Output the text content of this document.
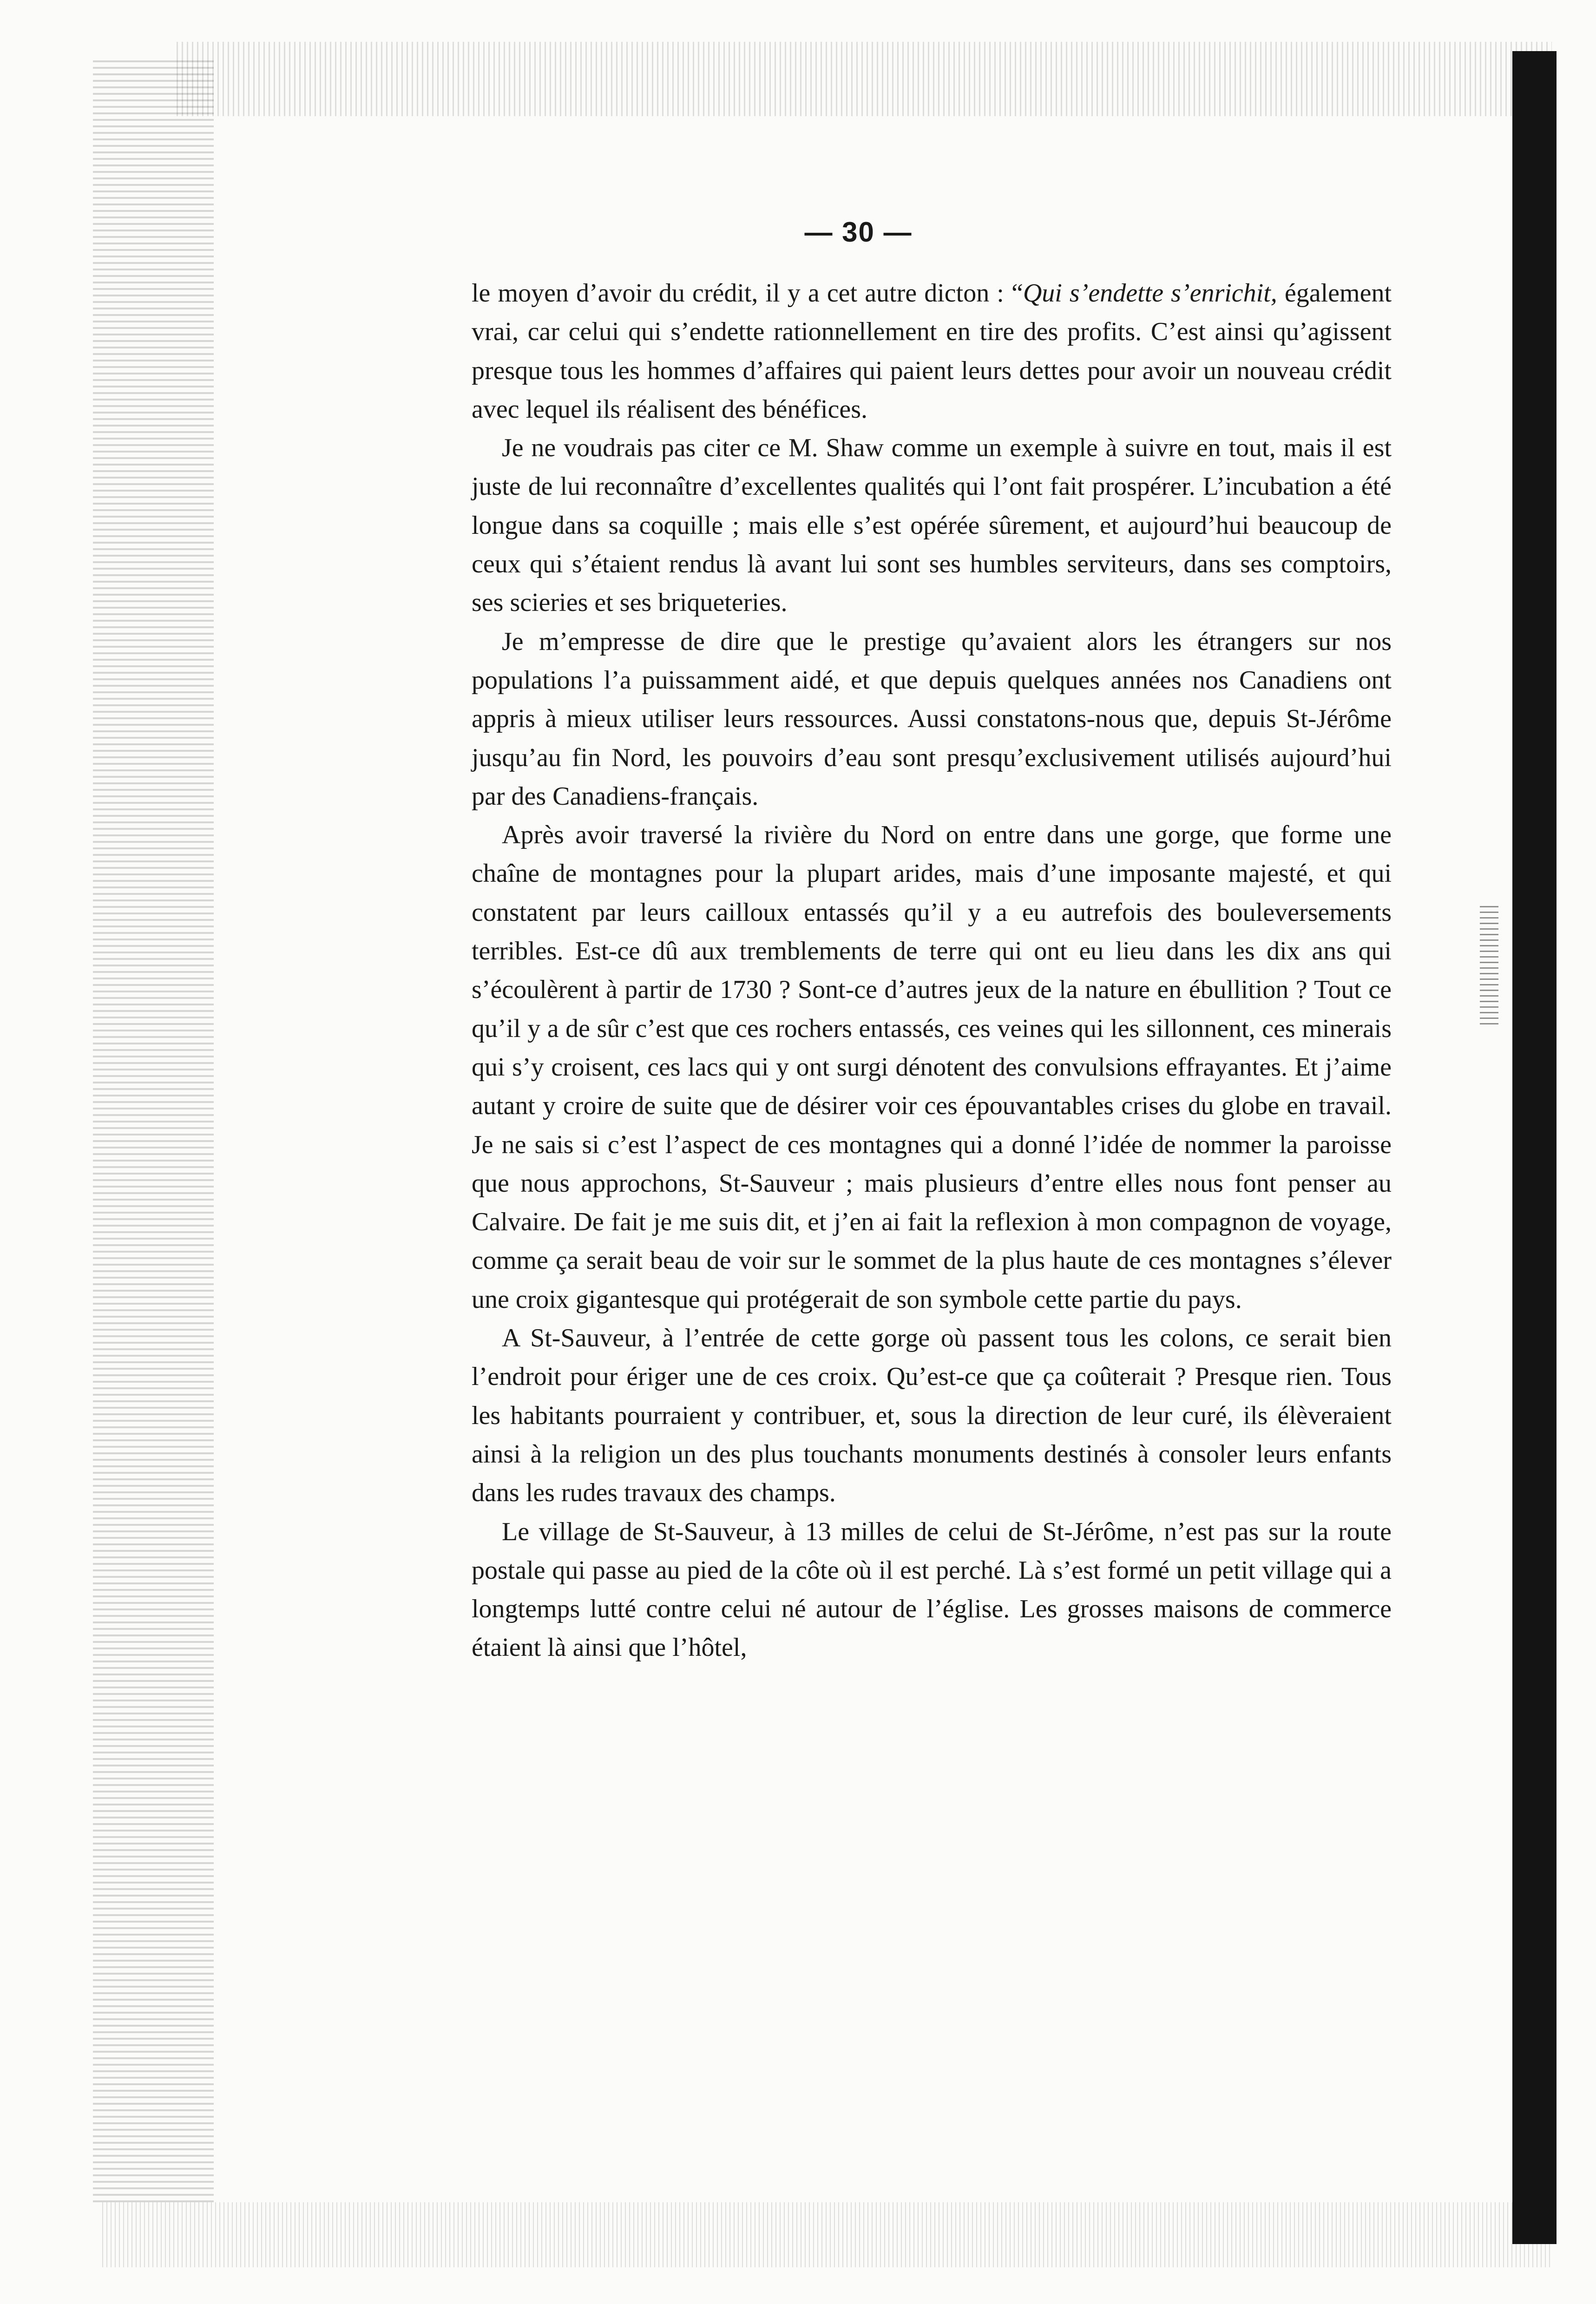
— 30 —

le moyen d’avoir du crédit, il y a cet autre dicton : “Qui s’endette s’enrichit, également vrai, car celui qui s’endette rationnellement en tire des profits. C’est ainsi qu’agissent presque tous les hommes d’affaires qui paient leurs dettes pour avoir un nouveau crédit avec lequel ils réalisent des bénéfices.

Je ne voudrais pas citer ce M. Shaw comme un exemple à suivre en tout, mais il est juste de lui reconnaître d’excellentes qualités qui l’ont fait prospérer. L’incubation a été longue dans sa coquille ; mais elle s’est opérée sûrement, et aujourd’hui beaucoup de ceux qui s’étaient rendus là avant lui sont ses humbles serviteurs, dans ses comptoirs, ses scieries et ses briqueteries.

Je m’empresse de dire que le prestige qu’avaient alors les étrangers sur nos populations l’a puissamment aidé, et que depuis quelques années nos Canadiens ont appris à mieux utiliser leurs ressources. Aussi constatons-nous que, depuis St-Jérôme jusqu’au fin Nord, les pouvoirs d’eau sont presqu’exclusivement utilisés aujourd’hui par des Canadiens-français.

Après avoir traversé la rivière du Nord on entre dans une gorge, que forme une chaîne de montagnes pour la plupart arides, mais d’une imposante majesté, et qui constatent par leurs cailloux entassés qu’il y a eu autrefois des bouleversements terribles. Est-ce dû aux tremblements de terre qui ont eu lieu dans les dix ans qui s’écoulèrent à partir de 1730 ? Sont-ce d’autres jeux de la nature en ébullition ? Tout ce qu’il y a de sûr c’est que ces rochers entassés, ces veines qui les sillonnent, ces minerais qui s’y croisent, ces lacs qui y ont surgi dénotent des convulsions effrayantes. Et j’aime autant y croire de suite que de désirer voir ces épouvantables crises du globe en travail. Je ne sais si c’est l’aspect de ces montagnes qui a donné l’idée de nommer la paroisse que nous approchons, St-Sauveur ; mais plusieurs d’entre elles nous font penser au Calvaire. De fait je me suis dit, et j’en ai fait la reflexion à mon compagnon de voyage, comme ça serait beau de voir sur le sommet de la plus haute de ces montagnes s’élever une croix gigantesque qui protégerait de son symbole cette partie du pays.

A St-Sauveur, à l’entrée de cette gorge où passent tous les colons, ce serait bien l’endroit pour ériger une de ces croix. Qu’est-ce que ça coûterait ? Presque rien. Tous les habitants pourraient y contribuer, et, sous la direction de leur curé, ils élèveraient ainsi à la religion un des plus touchants monuments destinés à consoler leurs enfants dans les rudes travaux des champs.

Le village de St-Sauveur, à 13 milles de celui de St-Jérôme, n’est pas sur la route postale qui passe au pied de la côte où il est perché. Là s’est formé un petit village qui a longtemps lutté contre celui né autour de l’église. Les grosses maisons de commerce étaient là ainsi que l’hôtel,
